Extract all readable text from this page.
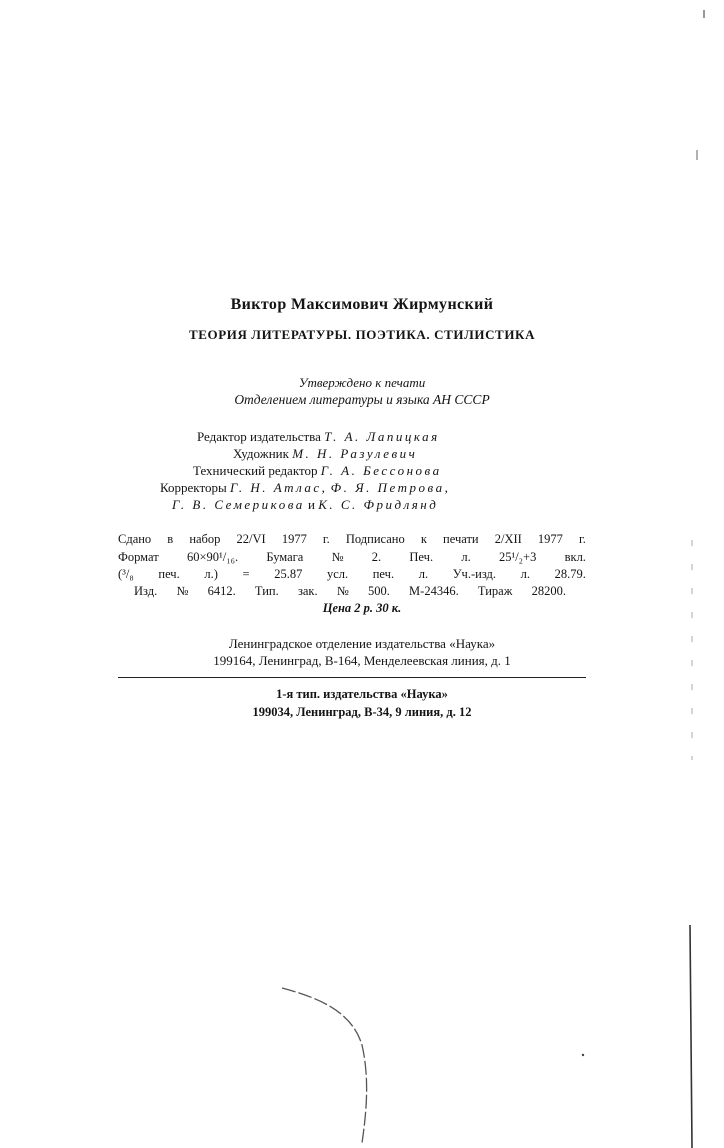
Виктор Максимович Жирмунский
ТЕОРИЯ ЛИТЕРАТУРЫ. ПОЭТИКА. СТИЛИСТИКА
Утверждено к печати
Отделением литературы и языка АН СССР
Редактор издательства Т. А. Лапицкая
Художник М. Н. Разулевич
Технический редактор Г. А. Бессонова
Корректоры Г. Н. Атлас, Ф. Я. Петрова,
Г. В. Семерикова и К. С. Фридлянд
Сдано в набор 22/VI 1977 г. Подписано к печати 2/XII 1977 г.
Формат 60×90¹/₁₆. Бумага № 2. Печ. л. 25¹/₂+3 вкл.
(³/₈ печ. л.) = 25.87 усл. печ. л. Уч.-изд. л. 28.79.
Изд. № 6412. Тип. зак. № 500. М-24346. Тираж 28200.
Цена 2 р. 30 к.
Ленинградское отделение издательства «Наука»
199164, Ленинград, В-164, Менделеевская линия, д. 1
1-я тип. издательства «Наука»
199034, Ленинград, В-34, 9 линия, д. 12
